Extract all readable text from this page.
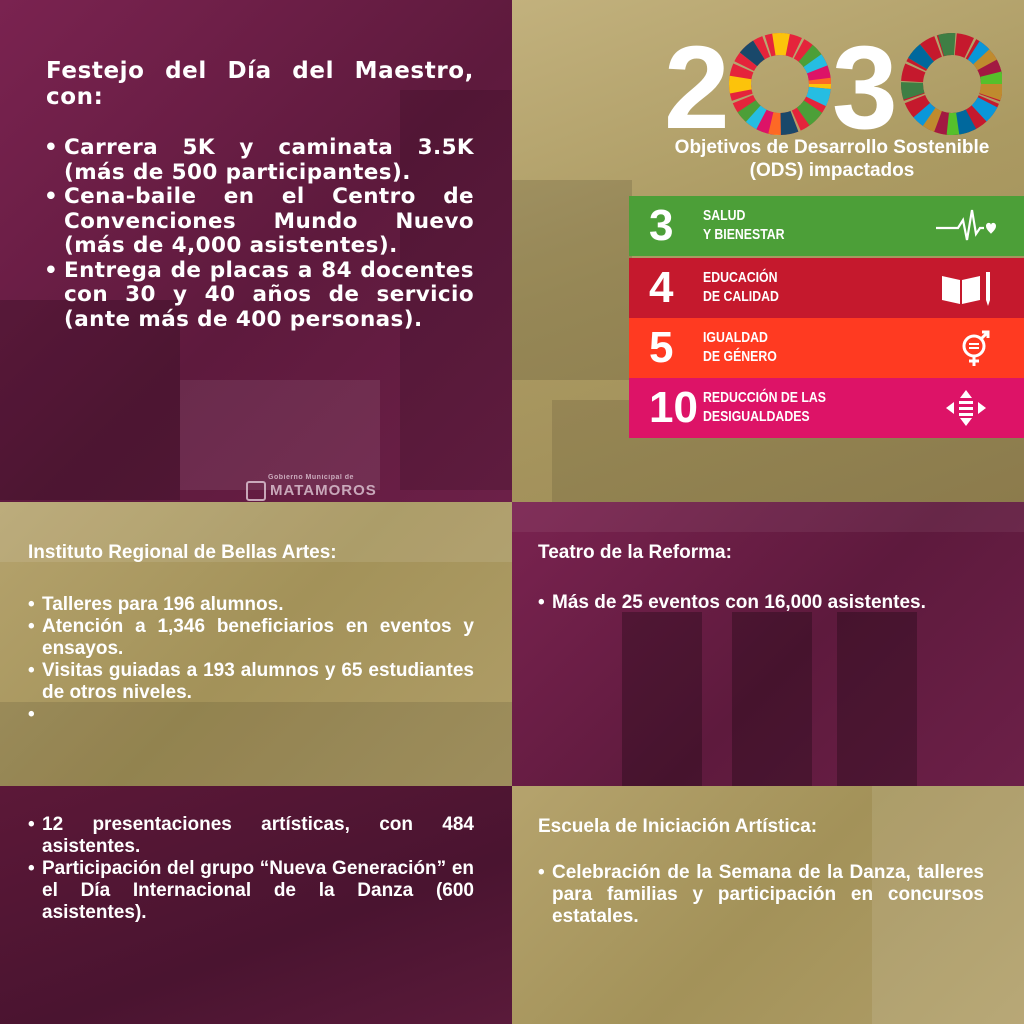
Festejo del Día del Maestro, con:
• Carrera 5K y caminata 3.5K (más de 500 participantes).
• Cena-baile en el Centro de Convenciones Mundo Nuevo (más de 4,000 asistentes).
• Entrega de placas a 84 docentes con 30 y 40 años de servicio (ante más de 400 personas).
Gobierno Municipal de
MATAMOROS
2 3
Objetivos de Desarrollo Sostenible (ODS) impactados
3 SALUD
Y BIENESTAR
4 EDUCACIÓN
DE CALIDAD
5 IGUALDAD
DE GÉNERO
10 REDUCCIÓN DE LAS
DESIGUALDADES
Instituto Regional de Bellas Artes:
• Talleres para 196 alumnos.
• Atención a 1,346 beneficiarios en eventos y ensayos.
• Visitas guiadas a 193 alumnos y 65 estudiantes de otros niveles.
•
Teatro de la Reforma:
• Más de 25 eventos con 16,000 asistentes.
• 12 presentaciones artísticas, con 484 asistentes.
• Participación del grupo “Nueva Generación” en el Día Internacional de la Danza (600 asistentes).
Escuela de Iniciación Artística:
• Celebración de la Semana de la Danza, talleres para familias y participación en concursos estatales.
